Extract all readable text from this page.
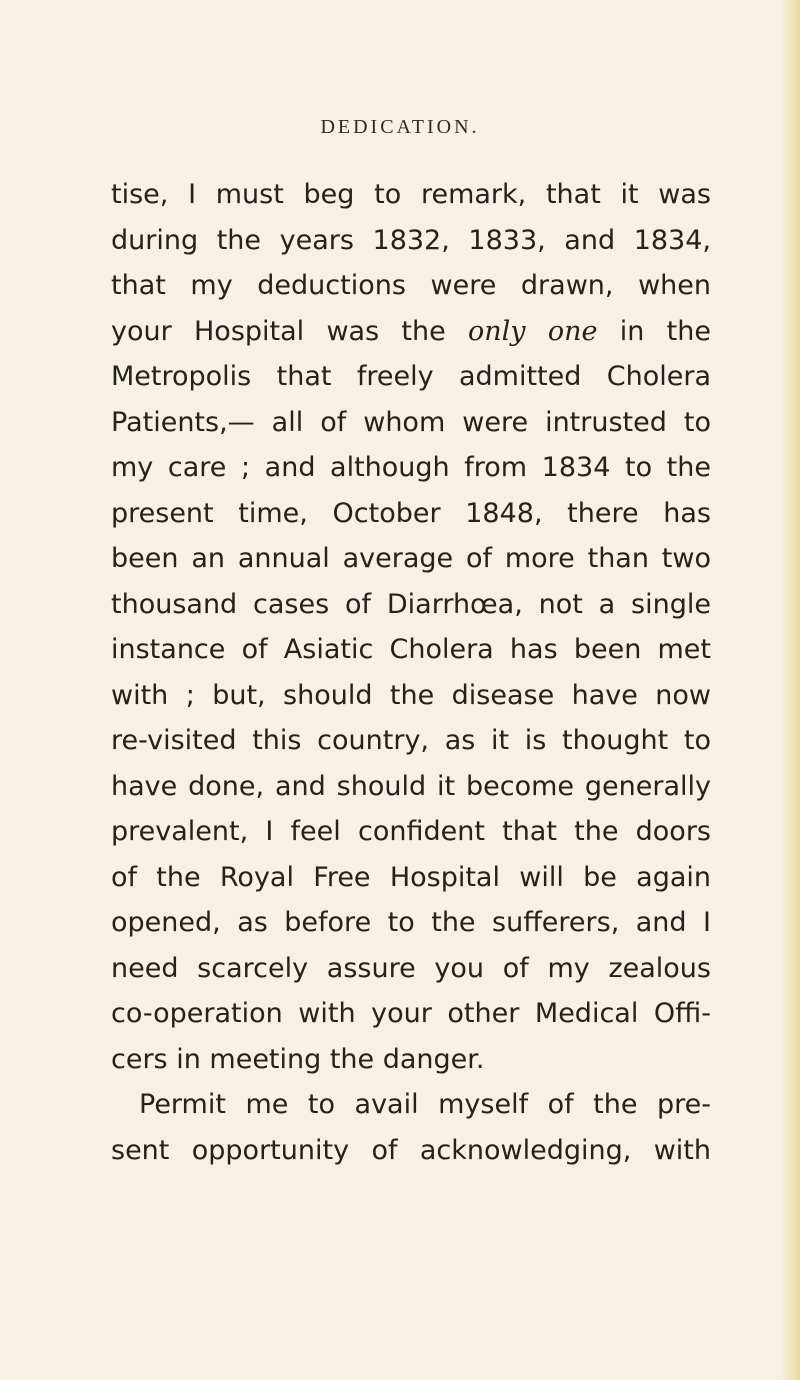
DEDICATION.
tise, I must beg to remark, that it was
during the years 1832, 1833, and 1834,
that my deductions were drawn, when
your Hospital was the only one in the
Metropolis that freely admitted Cholera
Patients,— all of whom were intrusted to
my care ; and although from 1834 to the
present time, October 1848, there has
been an annual average of more than two
thousand cases of Diarrhœa, not a single
instance of Asiatic Cholera has been met
with ; but, should the disease have now
re-visited this country, as it is thought to
have done, and should it become generally
prevalent, I feel confident that the doors
of the Royal Free Hospital will be again
opened, as before to the sufferers, and I
need scarcely assure you of my zealous
co-operation with your other Medical Offi-
cers in meeting the danger.
Permit me to avail myself of the pre-
sent opportunity of acknowledging, with
